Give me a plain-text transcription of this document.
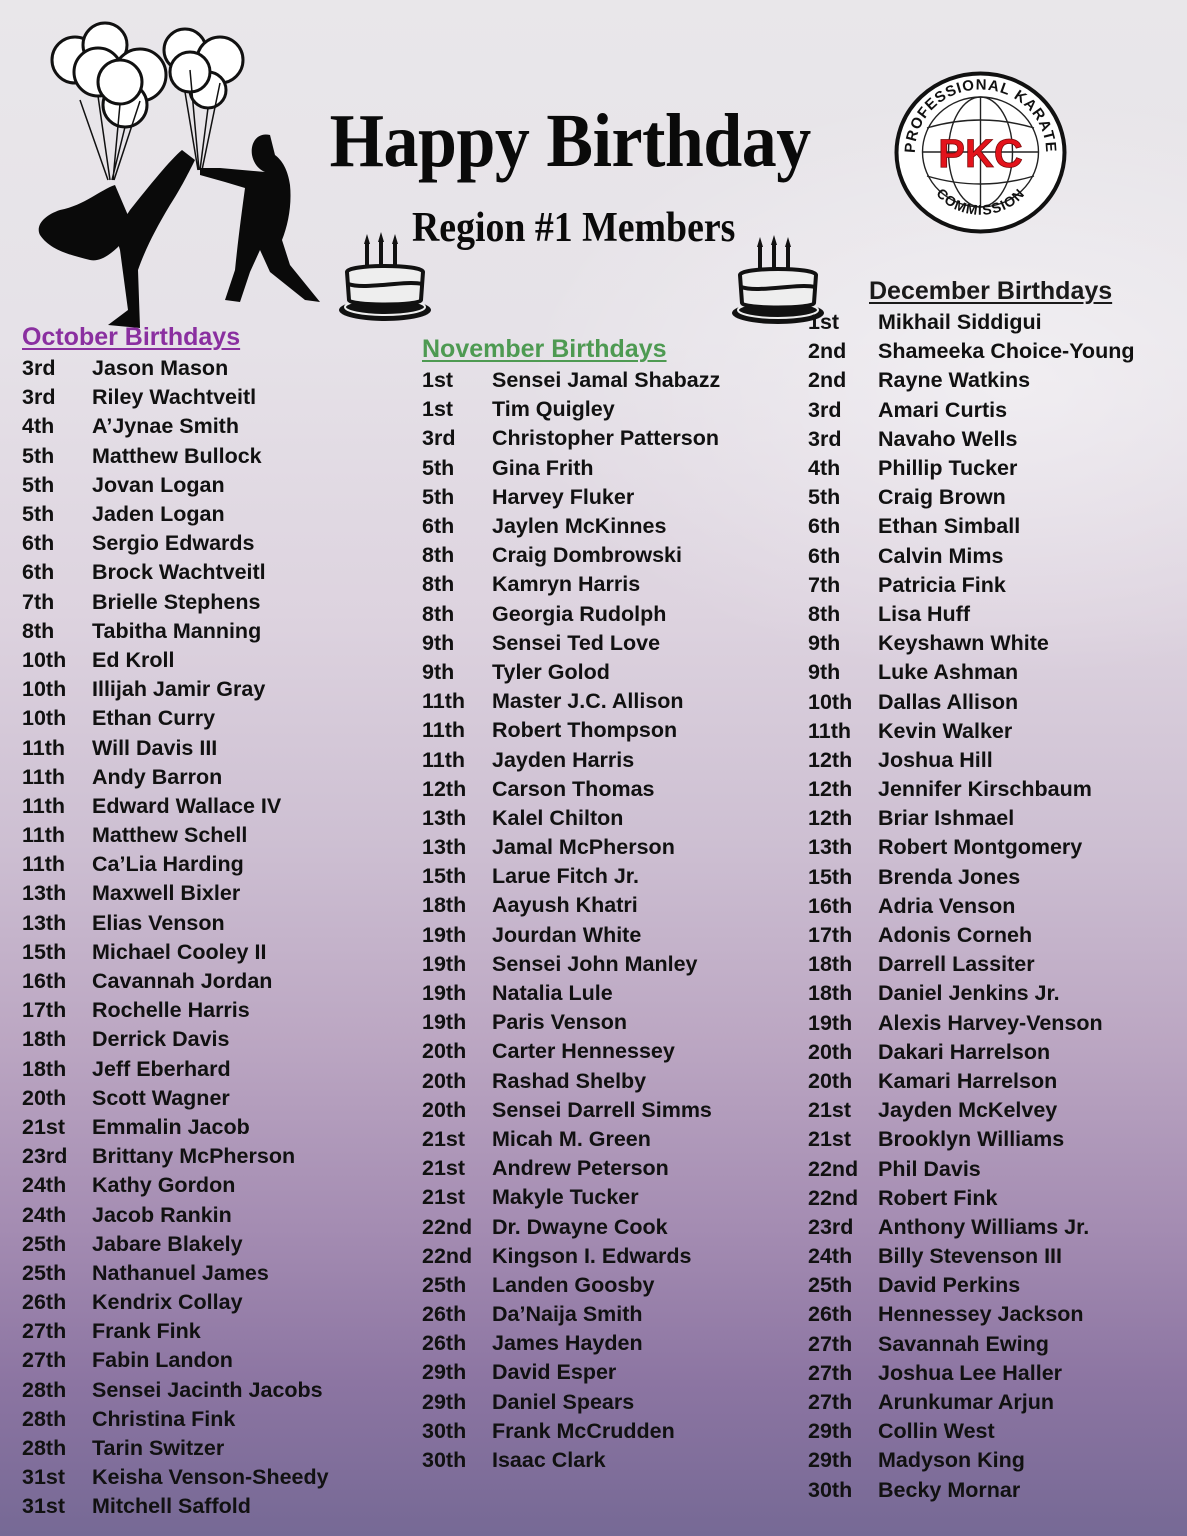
Happy Birthday
Region #1 Members
PROFESSIONAL KARATE
COMMISSION
PKC
October Birthdays
3rd	Jason Mason
3rd	Riley Wachtveitl
4th	A’Jynae Smith
5th	Matthew Bullock
5th	Jovan Logan
5th	Jaden Logan
6th	Sergio Edwards
6th	Brock Wachtveitl
7th	Brielle Stephens
8th	Tabitha Manning
10th	Ed Kroll
10th	Illijah Jamir Gray
10th	Ethan Curry
11th	Will Davis III
11th	Andy Barron
11th	Edward Wallace IV
11th	Matthew Schell
11th	Ca’Lia Harding
13th	Maxwell Bixler
13th	Elias Venson
15th	Michael Cooley II
16th	Cavannah Jordan
17th	Rochelle Harris
18th	Derrick Davis
18th	Jeff Eberhard
20th	Scott Wagner
21st	Emmalin Jacob
23rd	Brittany McPherson
24th	Kathy Gordon
24th	Jacob Rankin
25th	Jabare Blakely
25th	Nathanuel James
26th	Kendrix Collay
27th	Frank Fink
27th	Fabin Landon
28th	Sensei Jacinth Jacobs
28th	Christina Fink
28th	Tarin Switzer
31st	Keisha Venson-Sheedy
31st	Mitchell Saffold
November Birthdays
1st	Sensei Jamal Shabazz
1st	Tim Quigley
3rd	Christopher Patterson
5th	Gina Frith
5th	Harvey Fluker
6th	Jaylen McKinnes
8th	Craig Dombrowski
8th	Kamryn Harris
8th	Georgia Rudolph
9th	Sensei Ted Love
9th	Tyler Golod
11th	Master J.C. Allison
11th	Robert Thompson
11th	Jayden Harris
12th	Carson Thomas
13th	Kalel Chilton
13th	Jamal McPherson
15th	Larue Fitch Jr.
18th	Aayush Khatri
19th	Jourdan White
19th	Sensei John Manley
19th	Natalia Lule
19th	Paris Venson
20th	Carter Hennessey
20th	Rashad Shelby
20th	Sensei Darrell Simms
21st	Micah M. Green
21st	Andrew Peterson
21st	Makyle Tucker
22nd Dr. Dwayne Cook
22nd Kingson I. Edwards
25th	Landen Goosby
26th	Da’Naija Smith
26th	James Hayden
29th	David Esper
29th	Daniel Spears
30th	Frank McCrudden
30th	Isaac Clark
December Birthdays
1st	Mikhail Siddigui
2nd	Shameeka Choice-Young
2nd	Rayne Watkins
3rd	Amari Curtis
3rd	Navaho Wells
4th	Phillip Tucker
5th	Craig Brown
6th	Ethan Simball
6th	Calvin Mims
7th	Patricia Fink
8th	Lisa Huff
9th	Keyshawn White
9th	Luke Ashman
10th	Dallas Allison
11th	Kevin Walker
12th	Joshua Hill
12th	Jennifer Kirschbaum
12th	Briar Ishmael
13th	Robert Montgomery
15th	Brenda Jones
16th	Adria Venson
17th	Adonis Corneh
18th	Darrell Lassiter
18th	Daniel Jenkins Jr.
19th	Alexis Harvey-Venson
20th	Dakari Harrelson
20th	Kamari Harrelson
21st	Jayden McKelvey
21st	Brooklyn Williams
22nd Phil Davis
22nd Robert Fink
23rd	Anthony Williams Jr.
24th	Billy Stevenson III
25th	David Perkins
26th	Hennessey Jackson
27th	Savannah Ewing
27th	Joshua Lee Haller
27th	Arunkumar Arjun
29th	Collin West
29th	Madyson King
30th	Becky Mornar
